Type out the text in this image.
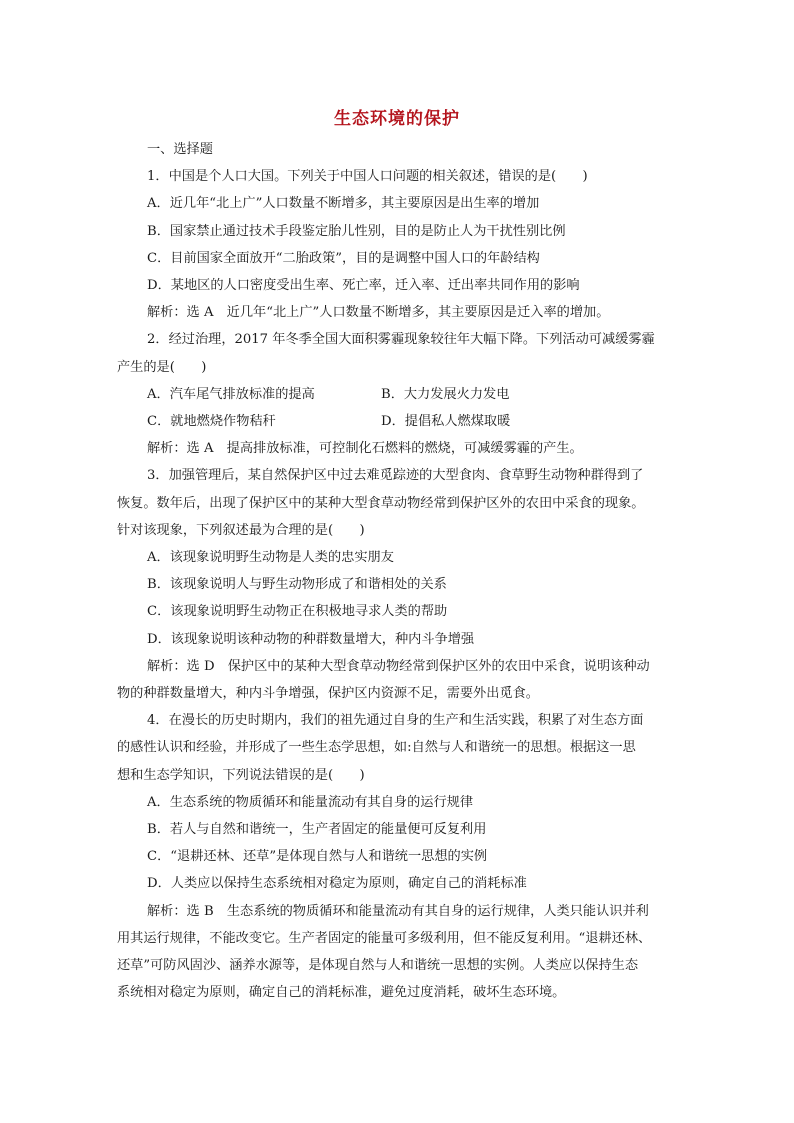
生态环境的保护
一、选择题
1．中国是个人口大国。下列关于中国人口问题的相关叙述，错误的是(　　)
A．近几年“北上广”人口数量不断增多，其主要原因是出生率的增加
B．国家禁止通过技术手段鉴定胎儿性别，目的是防止人为干扰性别比例
C．目前国家全面放开“二胎政策”，目的是调整中国人口的年龄结构
D．某地区的人口密度受出生率、死亡率，迁入率、迁出率共同作用的影响
解析：选 A　近几年“北上广”人口数量不断增多，其主要原因是迁入率的增加。
2．经过治理，2017 年冬季全国大面积雾霾现象较往年大幅下降。下列活动可减缓雾霾
产生的是(　　)
A．汽车尾气排放标准的提高	B．大力发展火力发电
C．就地燃烧作物秸秆	D．提倡私人燃煤取暖
解析：选 A　提高排放标准，可控制化石燃料的燃烧，可减缓雾霾的产生。
3．加强管理后，某自然保护区中过去难觅踪迹的大型食肉、食草野生动物种群得到了
恢复。数年后，出现了保护区中的某种大型食草动物经常到保护区外的农田中采食的现象。
针对该现象，下列叙述最为合理的是(　　)
A．该现象说明野生动物是人类的忠实朋友
B．该现象说明人与野生动物形成了和谐相处的关系
C．该现象说明野生动物正在积极地寻求人类的帮助
D．该现象说明该种动物的种群数量增大，种内斗争增强
解析：选 D　保护区中的某种大型食草动物经常到保护区外的农田中采食，说明该种动
物的种群数量增大，种内斗争增强，保护区内资源不足，需要外出觅食。
4．在漫长的历史时期内，我们的祖先通过自身的生产和生活实践，积累了对生态方面
的感性认识和经验，并形成了一些生态学思想，如:自然与人和谐统一的思想。根据这一思
想和生态学知识，下列说法错误的是(　　)
A．生态系统的物质循环和能量流动有其自身的运行规律
B．若人与自然和谐统一，生产者固定的能量便可反复利用
C．“退耕还林、还草”是体现自然与人和谐统一思想的实例
D．人类应以保持生态系统相对稳定为原则，确定自己的消耗标准
解析：选 B　生态系统的物质循环和能量流动有其自身的运行规律，人类只能认识并利
用其运行规律，不能改变它。生产者固定的能量可多级利用，但不能反复利用。“退耕还林、
还草”可防风固沙、涵养水源等，是体现自然与人和谐统一思想的实例。人类应以保持生态
系统相对稳定为原则，确定自己的消耗标准，避免过度消耗，破坏生态环境。
